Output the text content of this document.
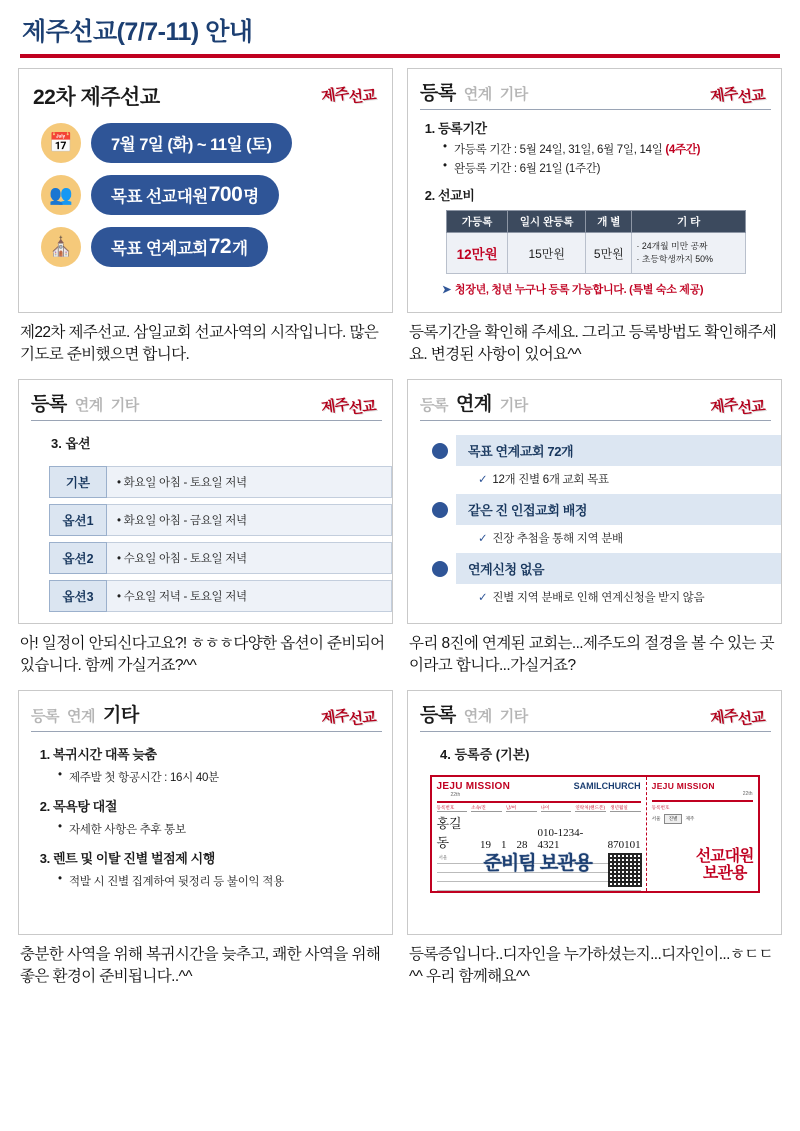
제주선교(7/7-11) 안내
제주선교
22차 제주선교
📅	7월 7일 (화) ~ 11일 (토)
👥	목표 선교대원 700 명
⛪	목표 연계교회 72 개
제22차 제주선교. 삼일교회 선교사역의 시작입니다. 많은 기도로 준비했으면 합니다.
제주선교
등록 연계 기타
1. 등록기간
• 가등록 기간 : 5월 24일, 31일, 6월 7일, 14일 (4주간)
• 완등록 기간 : 6월 21일 (1주간)
2. 선교비
가등록	일시 완등록	개 별	기 타
12만원	15만원	5만원	· 24개월 미만 공짜
· 초등학생까지 50%
➤ 청장년, 청년 누구나 등록 가능합니다. (특별 숙소 제공)
등록기간을 확인해 주세요. 그리고 등록방법도 확인해주세요. 변경된 사항이 있어요^^
제주선교
등록 연계 기타
3. 옵션
기본	• 화요일 아침 - 토요일 저녁
옵션1	• 화요일 아침 - 금요일 저녁
옵션2	• 수요일 아침 - 토요일 저녁
옵션3	• 수요일 저녁 - 토요일 저녁
아! 일정이 안되신다고요?! ㅎㅎㅎ다양한 옵션이 준비되어 있습니다. 함께 가실거죠?^^
제주선교
등록 연계 기타
목표 연계교회 72개
✓ 12개 진별 6개 교회 목표
같은 진 인접교회 배정
✓ 진장 추첨을 통해 지역 분배
연계신청 없음
✓ 진별 지역 분배로 인해 연계신청을 받지 않음
우리 8진에 연계된 교회는...제주도의 절경을 볼 수 있는 곳이라고 합니다...가실거죠?
제주선교
등록 연계 기타
1. 복귀시간 대폭 늦춤
• 제주발 첫 항공시간 : 16시 40분
2. 목욕탕 대절
• 자세한 사항은 추후 통보
3. 렌트 및 이탈 진별 벌점제 시행
• 적발 시 진별 집계하여 뒷정리 등 불이익 적용
충분한 사역을 위해 복귀시간을 늦추고, 쾌한 사역을 위해 좋은 환경이 준비됩니다..^^
제주선교
등록 연계 기타
4. 등록증 (기본)
JEJU MISSION	SAMILCHURCH
22th
등록번호	소속/진	남/여	나이	연락처(핸드폰) 생년월일
홍길동	19 1 28
010-1234-4321	870101
서울	준비팀 보관용
JEJU MISSION
22th
등록번호
서울	진별	제주
선교대원
보관용
등록증입니다..디자인을 누가하셨는지...디자인이...ㅎㄷㄷ^^ 우리 함께해요^^
